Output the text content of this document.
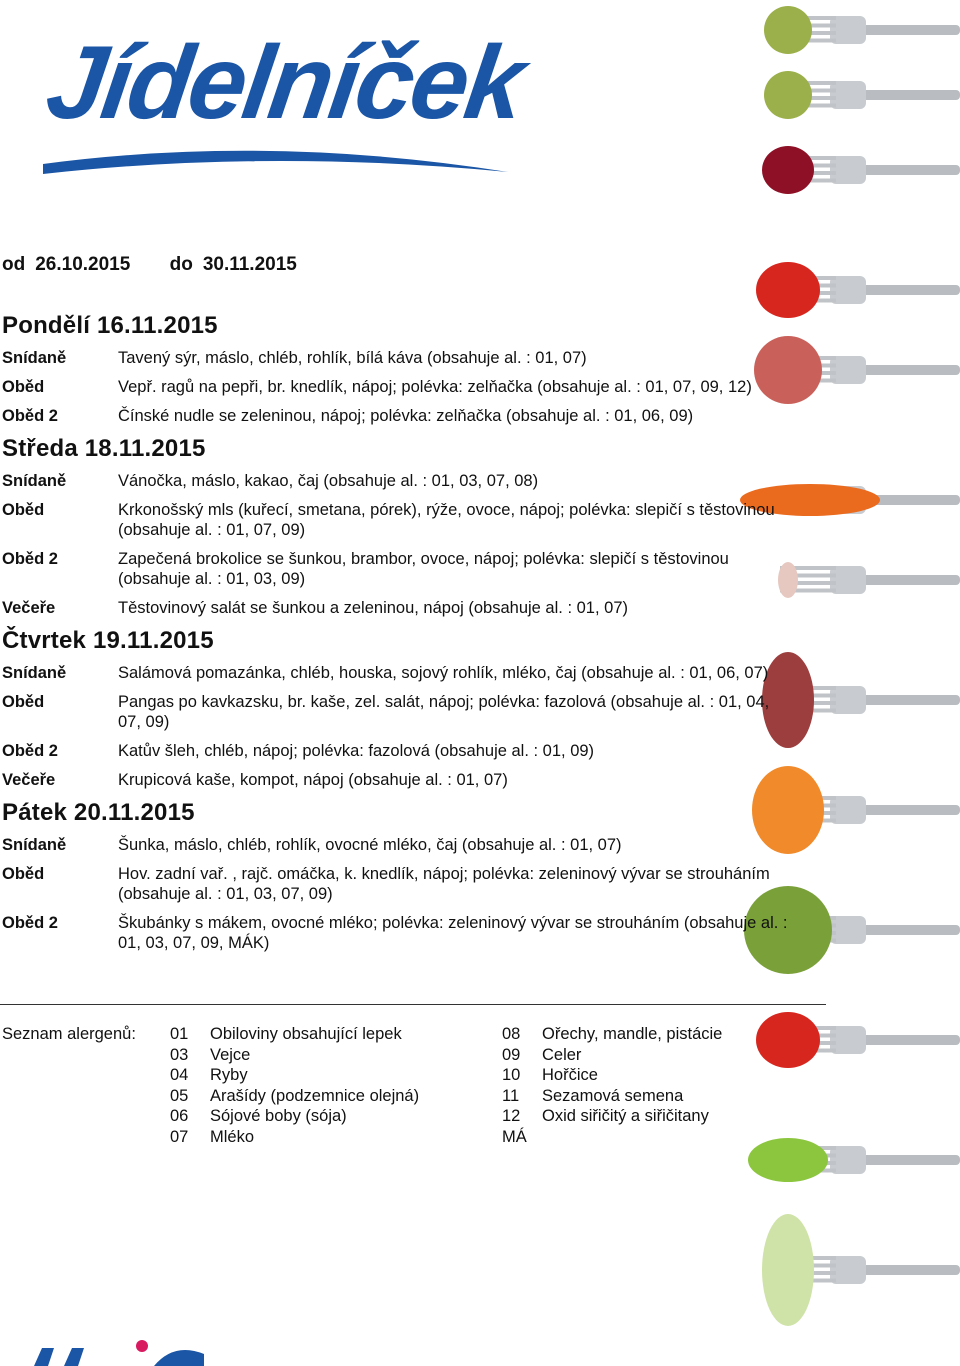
Jídelníček
od 26.10.2015 do 30.11.2015
Pondělí 16.11.2015
Snídaně	Tavený sýr, máslo, chléb, rohlík, bílá káva (obsahuje al. : 01, 07)
Oběd	Vepř. ragů na pepři, br. knedlík, nápoj; polévka: zelňačka (obsahuje al. : 01, 07, 09, 12)
Oběd 2	Čínské nudle se zeleninou, nápoj; polévka: zelňačka (obsahuje al. : 01, 06, 09)
Středa 18.11.2015
Snídaně	Vánočka, máslo, kakao, čaj (obsahuje al. : 01, 03, 07, 08)
Oběd	Krkonošský mls (kuřecí, smetana, pórek), rýže, ovoce, nápoj; polévka: slepičí s těstovinou (obsahuje al. : 01, 07, 09)
Oběd 2	Zapečená brokolice se šunkou, brambor, ovoce, nápoj; polévka: slepičí s těstovinou (obsahuje al. : 01, 03, 09)
Večeře	Těstovinový salát se šunkou a zeleninou, nápoj (obsahuje al. : 01, 07)
Čtvrtek 19.11.2015
Snídaně	Salámová pomazánka, chléb, houska, sojový rohlík, mléko, čaj (obsahuje al. : 01, 06, 07)
Oběd	Pangas po kavkazsku, br. kaše, zel. salát, nápoj; polévka: fazolová (obsahuje al. : 01, 04, 07, 09)
Oběd 2	Katův šleh, chléb, nápoj; polévka: fazolová (obsahuje al. : 01, 09)
Večeře	Krupicová kaše, kompot, nápoj (obsahuje al. : 01, 07)
Pátek 20.11.2015
Snídaně	Šunka, máslo, chléb, rohlík, ovocné mléko, čaj (obsahuje al. : 01, 07)
Oběd	Hov. zadní vař. , rajč. omáčka, k. knedlík, nápoj; polévka: zeleninový vývar se strouháním (obsahuje al. : 01, 03, 07, 09)
Oběd 2	Škubánky s mákem, ovocné mléko; polévka: zeleninový vývar se strouháním (obsahuje al. : 01, 03, 07, 09, MÁK)
Seznam alergenů:	01	Obiloviny obsahující lepek
03	Vejce
04	Ryby
05	Arašídy (podzemnice olejná)
06	Sójové boby (sója)
07	Mléko
08	Ořechy, mandle, pistácie
09	Celer
10	Hořčice
11	Sezamová semena
12	Oxid siřičitý a siřičitany
MÁ
